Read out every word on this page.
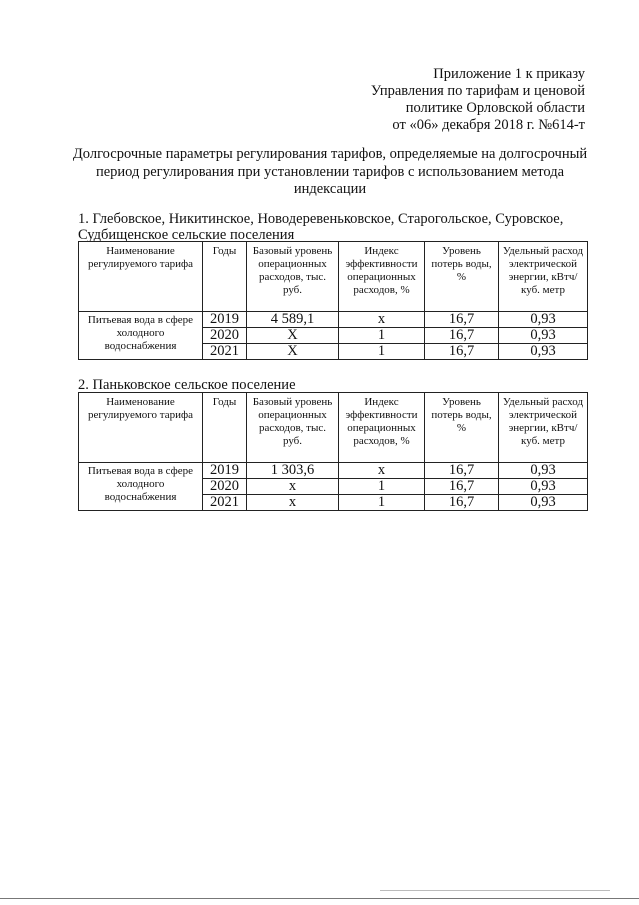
Приложение 1 к приказу
Управления по тарифам и ценовой
политике Орловской области
от «06» декабря 2018 г. №614-т
Долгосрочные параметры регулирования тарифов, определяемые на долгосрочный
период регулирования при установлении тарифов с использованием метода
индексации
1. Глебовское, Никитинское, Новодеревеньковское, Старогольское, Суровское,
Судбищенское сельские поселения
Наименование регулируемого тарифа	Годы	Базовый уровень операционных расходов, тыс. руб.	Индекс эффективности операционных расходов, %	Уровень потерь воды, %	Удельный расход электрической энергии, кВтч/куб. метр
Питьевая вода в сфере холодного водоснабжения	2019	4 589,1	х	16,7	0,93
	2020	Х	1	16,7	0,93
	2021	Х	1	16,7	0,93
2. Паньковское сельское поселение
Наименование регулируемого тарифа	Годы	Базовый уровень операционных расходов, тыс. руб.	Индекс эффективности операционных расходов, %	Уровень потерь воды, %	Удельный расход электрической энергии, кВтч/куб. метр
Питьевая вода в сфере холодного водоснабжения	2019	1 303,6	х	16,7	0,93
	2020	х	1	16,7	0,93
	2021	х	1	16,7	0,93
